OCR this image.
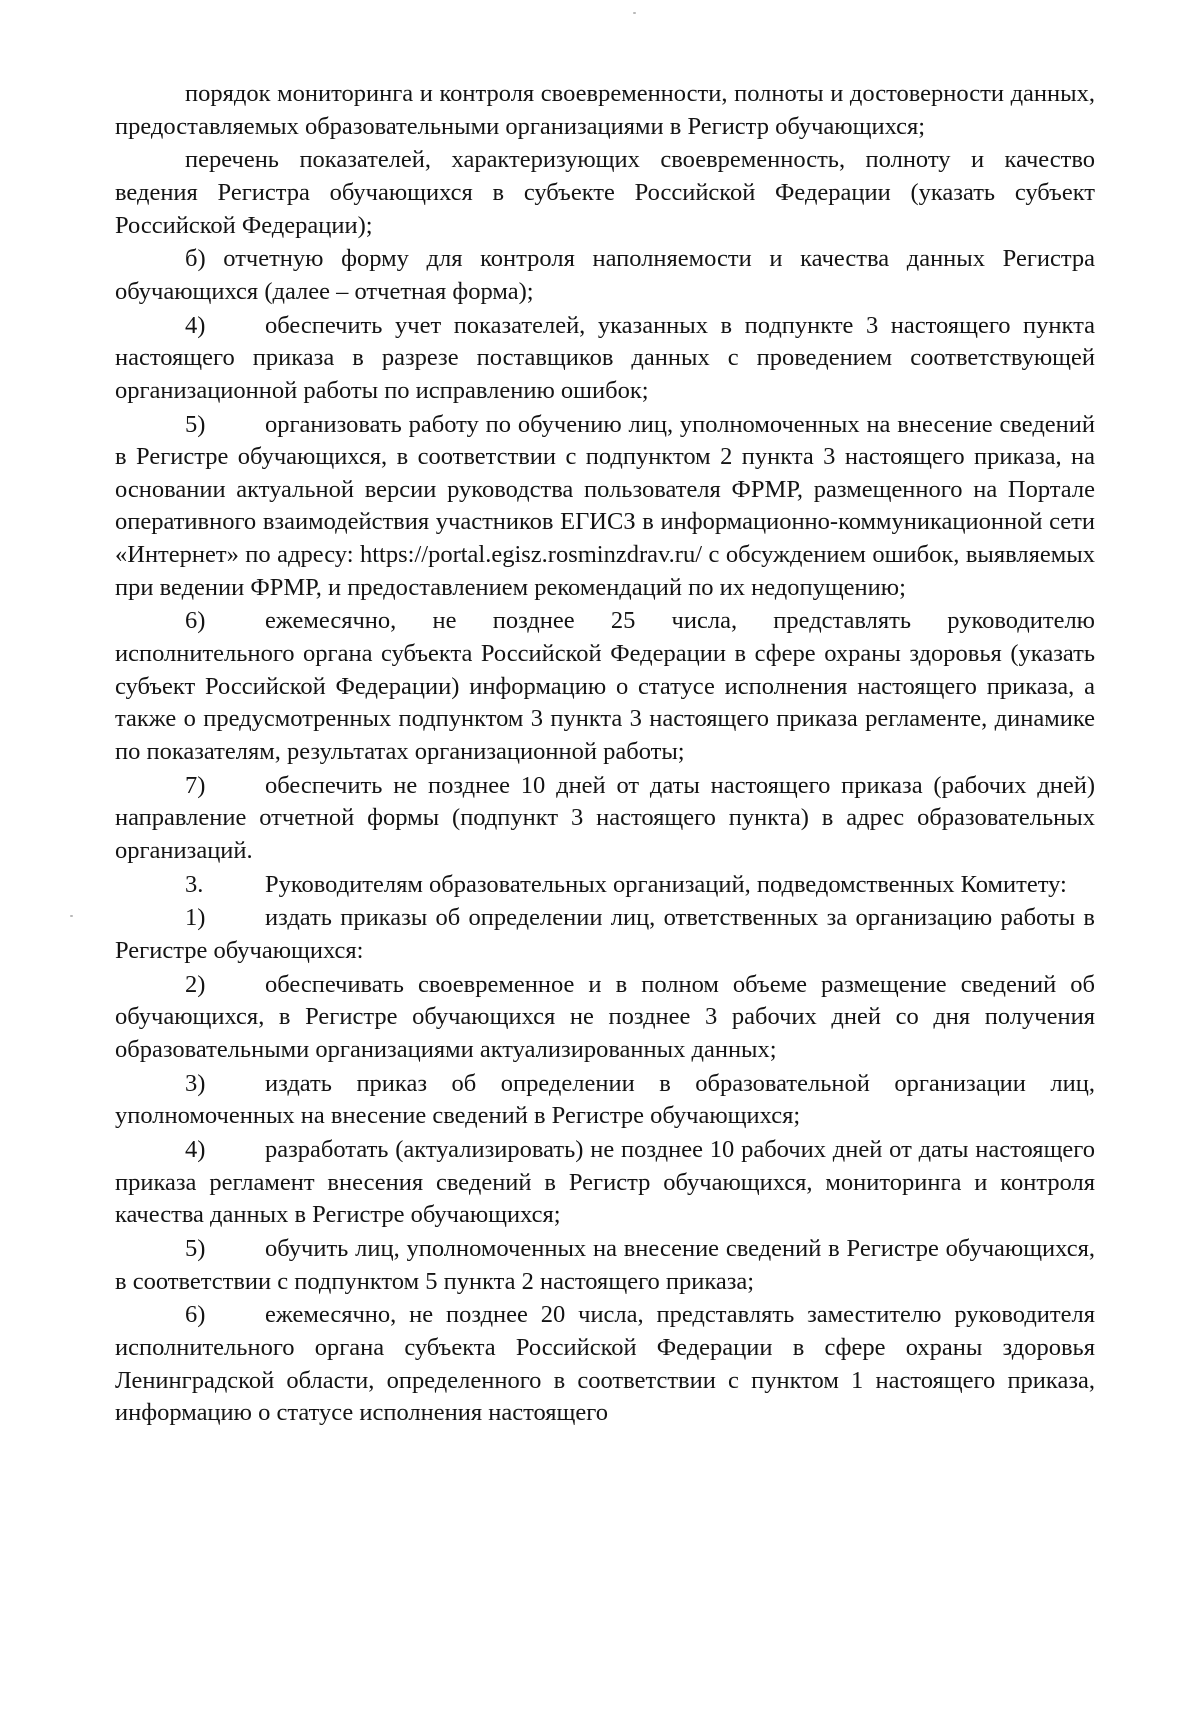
порядок мониторинга и контроля своевременности, полноты и достоверности данных, предоставляемых образовательными организациями в Регистр обучающихся;

перечень показателей, характеризующих своевременность, полноту и качество ведения Регистра обучающихся в субъекте Российской Федерации (указать субъект Российской Федерации);

б) отчетную форму для контроля наполняемости и качества данных Регистра обучающихся (далее – отчетная форма);

4) обеспечить учет показателей, указанных в подпункте 3 настоящего пункта настоящего приказа в разрезе поставщиков данных с проведением соответствующей организационной работы по исправлению ошибок;

5) организовать работу по обучению лиц, уполномоченных на внесение сведений в Регистре обучающихся, в соответствии с подпунктом 2 пункта 3 настоящего приказа, на основании актуальной версии руководства пользователя ФРМР, размещенного на Портале оперативного взаимодействия участников ЕГИСЗ в информационно-коммуникационной сети «Интернет» по адресу: https://portal.egisz.rosminzdrav.ru/ с обсуждением ошибок, выявляемых при ведении ФРМР, и предоставлением рекомендаций по их недопущению;

6) ежемесячно, не позднее 25 числа, представлять руководителю исполнительного органа субъекта Российской Федерации в сфере охраны здоровья (указать субъект Российской Федерации) информацию о статусе исполнения настоящего приказа, а также о предусмотренных подпунктом 3 пункта 3 настоящего приказа регламенте, динамике по показателям, результатах организационной работы;

7) обеспечить не позднее 10 дней от даты настоящего приказа (рабочих дней) направление отчетной формы (подпункт 3 настоящего пункта) в адрес образовательных организаций.

3.	Руководителям образовательных организаций, подведомственных Комитету:

1) издать приказы об определении лиц, ответственных за организацию работы в Регистре обучающихся:

2) обеспечивать своевременное и в полном объеме размещение сведений об обучающихся, в Регистре обучающихся не позднее 3 рабочих дней со дня получения образовательными организациями актуализированных данных;

3) издать приказ об определении в образовательной организации лиц, уполномоченных на внесение сведений в Регистре обучающихся;

4) разработать (актуализировать) не позднее 10 рабочих дней от даты настоящего приказа регламент внесения сведений в Регистр обучающихся, мониторинга и контроля качества данных в Регистре обучающихся;

5) обучить лиц, уполномоченных на внесение сведений в Регистре обучающихся, в соответствии с подпунктом 5 пункта 2 настоящего приказа;

6) ежемесячно, не позднее 20 числа, представлять заместителю руководителя исполнительного органа субъекта Российской Федерации в сфере охраны здоровья Ленинградской области, определенного в соответствии с пунктом 1 настоящего приказа, информацию о статусе исполнения настоящего
